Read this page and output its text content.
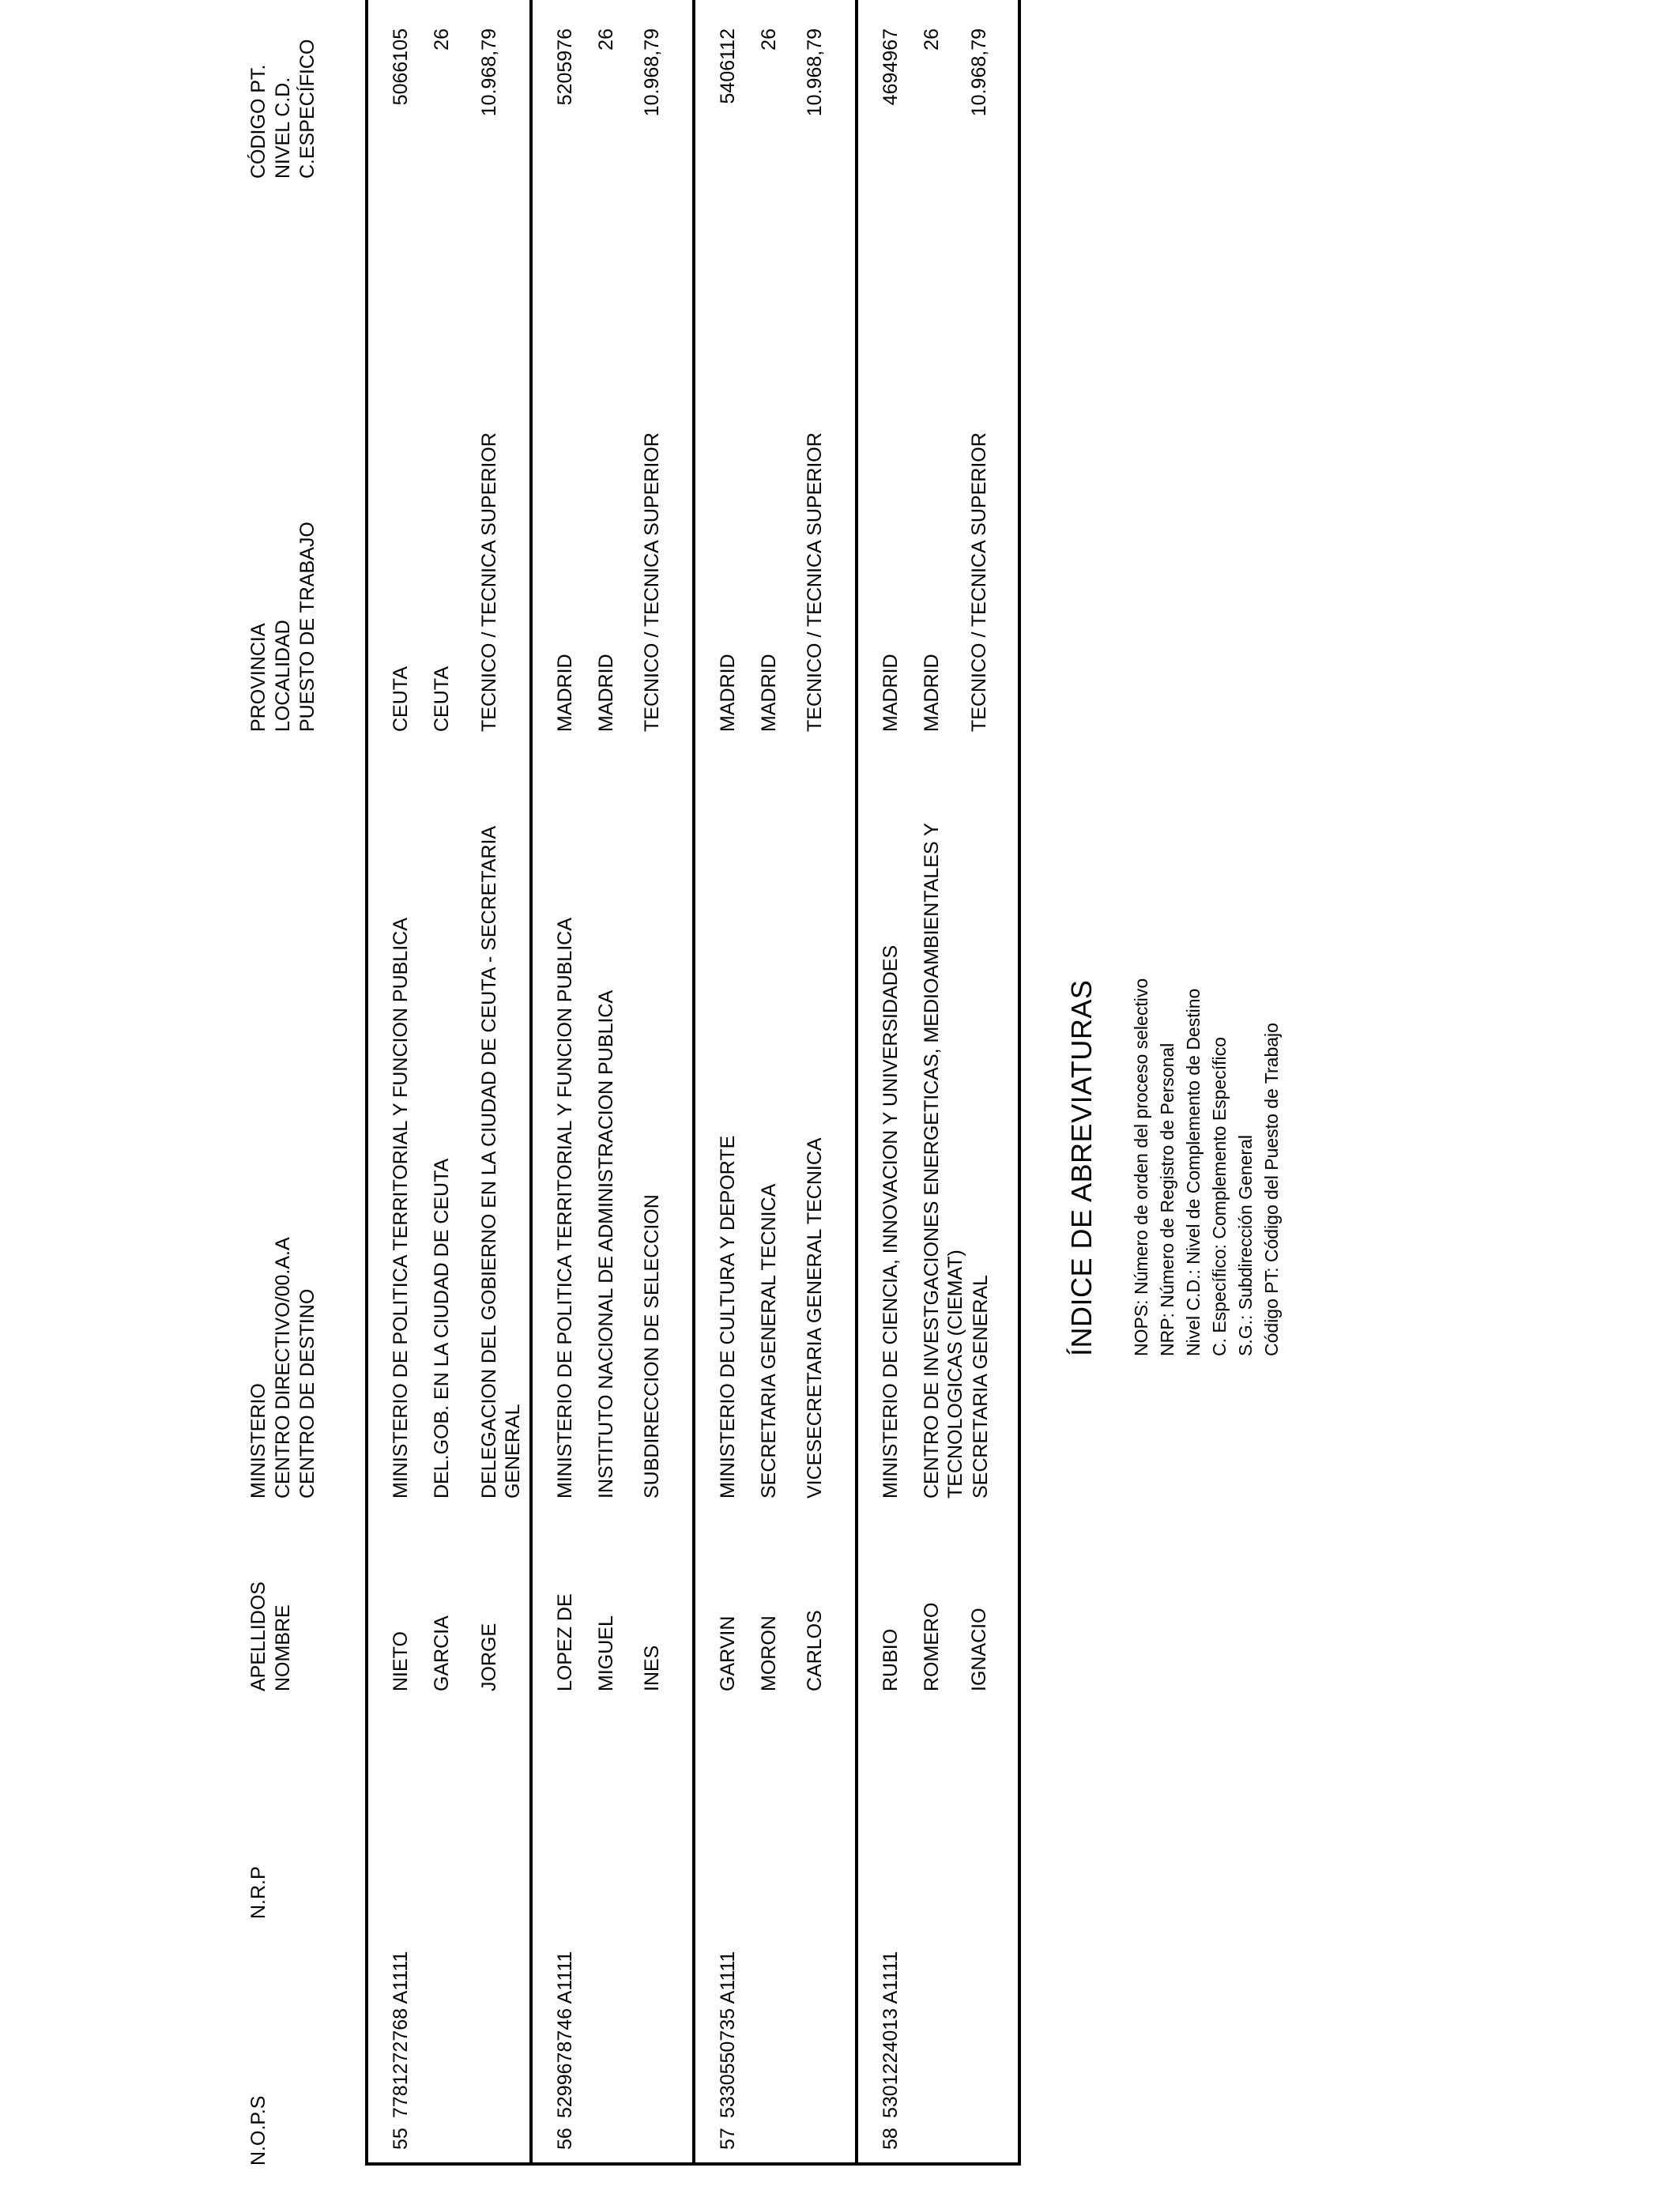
N.O.P.S
N.R.P
APELLIDOS NOMBRE
MINISTERIO CENTRO DIRECTIVO/00.A.A CENTRO DE DESTINO
PROVINCIA LOCALIDAD PUESTO DE TRABAJO
CÓDIGO PT. NIVEL C.D. C.ESPECÍFICO
55
7781272768 A1111
NIETO GARCIA JORGE
MINISTERIO DE POLITICA TERRITORIAL Y FUNCION PUBLICA DEL.GOB. EN LA CIUDAD DE CEUTA DELEGACION DEL GOBIERNO EN LA CIUDAD DE CEUTA - SECRETARIA GENERAL
CEUTA CEUTA TECNICO / TECNICA SUPERIOR
5066105 26 10.968,79
56
5299678746 A1111
LOPEZ DE MIGUEL INES
MINISTERIO DE POLITICA TERRITORIAL Y FUNCION PUBLICA INSTITUTO NACIONAL DE ADMINISTRACION PUBLICA SUBDIRECCION DE SELECCION
MADRID MADRID TECNICO / TECNICA SUPERIOR
5205976 26 10.968,79
57
5330550735 A1111
GARVIN MORON CARLOS
MINISTERIO DE CULTURA Y DEPORTE SECRETARIA GENERAL TECNICA VICESECRETARIA GENERAL TECNICA
MADRID MADRID TECNICO / TECNICA SUPERIOR
5406112 26 10.968,79
58
5301224013 A1111
RUBIO ROMERO IGNACIO
MINISTERIO DE CIENCIA, INNOVACION Y UNIVERSIDADES CENTRO DE INVESTGACIONES ENERGETICAS, MEDIOAMBIENTALES Y TECNOLOGICAS (CIEMAT) SECRETARIA GENERAL
MADRID MADRID TECNICO / TECNICA SUPERIOR
4694967 26 10.968,79
ÍNDICE DE ABREVIATURAS NOPS: Número de orden del proceso selectivo NRP: Número de Registro de Personal Nivel C.D.: Nivel de Complemento de Destino C. Específico: Complemento Específico S.G.: Subdirección General Código PT: Código del Puesto de Trabajo
